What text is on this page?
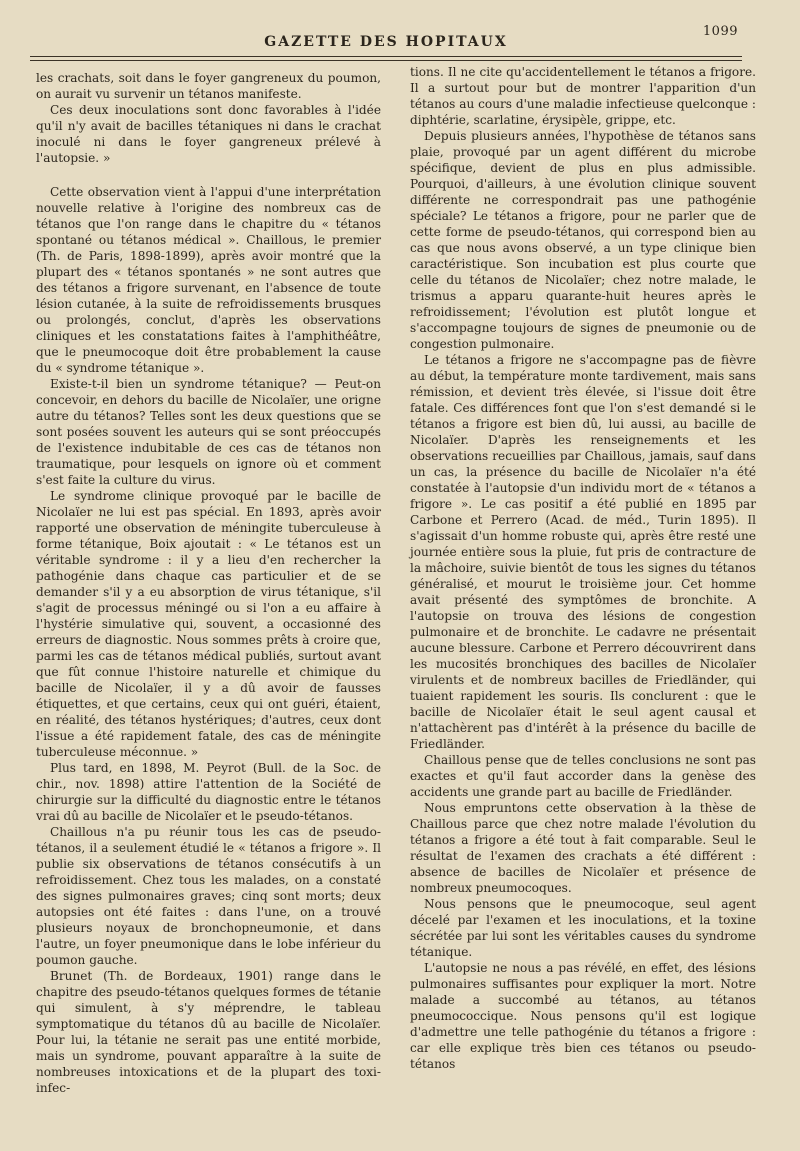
1099
GAZETTE DES HOPITAUX

les crachats, soit dans le foyer gangreneux du poumon, on aurait vu survenir un tétanos manifeste.

Ces deux inoculations sont donc favorables à l'idée qu'il n'y avait de bacilles tétaniques ni dans le crachat inoculé ni dans le foyer gangreneux prélevé à l'autopsie. »

Cette observation vient à l'appui d'une interprétation nouvelle relative à l'origine des nombreux cas de tétanos que l'on range dans le chapitre du « tétanos spontané ou tétanos médical ». Chaillous, le premier (Th. de Paris, 1898-1899), après avoir montré que la plupart des « tétanos spontanés » ne sont autres que des tétanos a frigore survenant, en l'absence de toute lésion cutanée, à la suite de refroidissements brusques ou prolongés, conclut, d'après les observations cliniques et les constatations faites à l'amphithéâtre, que le pneumocoque doit être probablement la cause du « syndrome tétanique ».

Existe-t-il bien un syndrome tétanique? — Peut-on concevoir, en dehors du bacille de Nicolaïer, une origne autre du tétanos? Telles sont les deux questions que se sont posées souvent les auteurs qui se sont préoccupés de l'existence indubitable de ces cas de tétanos non traumatique, pour lesquels on ignore où et comment s'est faite la culture du virus.

Le syndrome clinique provoqué par le bacille de Nicolaïer ne lui est pas spécial. En 1893, après avoir rapporté une observation de méningite tuberculeuse à forme tétanique, Boix ajoutait : « Le tétanos est un véritable syndrome : il y a lieu d'en rechercher la pathogénie dans chaque cas particulier et de se demander s'il y a eu absorption de virus tétanique, s'il s'agit de processus méningé ou si l'on a eu affaire à l'hystérie simulative qui, souvent, a occasionné des erreurs de diagnostic. Nous sommes prêts à croire que, parmi les cas de tétanos médical publiés, surtout avant que fût connue l'histoire naturelle et chimique du bacille de Nicolaïer, il y a dû avoir de fausses étiquettes, et que certains, ceux qui ont guéri, étaient, en réalité, des tétanos hystériques; d'autres, ceux dont l'issue a été rapidement fatale, des cas de méningite tuberculeuse méconnue. »

Plus tard, en 1898, M. Peyrot (Bull. de la Soc. de chir., nov. 1898) attire l'attention de la Société de chirurgie sur la difficulté du diagnostic entre le tétanos vrai dû au bacille de Nicolaïer et le pseudo-tétanos.

Chaillous n'a pu réunir tous les cas de pseudo-tétanos, il a seulement étudié le « tétanos a frigore ». Il publie six observations de tétanos consécutifs à un refroidissement. Chez tous les malades, on a constaté des signes pulmonaires graves; cinq sont morts; deux autopsies ont été faites : dans l'une, on a trouvé plusieurs noyaux de bronchopneumonie, et dans l'autre, un foyer pneumonique dans le lobe inférieur du poumon gauche.

Brunet (Th. de Bordeaux, 1901) range dans le chapitre des pseudo-tétanos quelques formes de tétanie qui simulent, à s'y méprendre, le tableau symptomatique du tétanos dû au bacille de Nicolaïer. Pour lui, la tétanie ne serait pas une entité morbide, mais un syndrome, pouvant apparaître à la suite de nombreuses intoxications et de la plupart des toxi-infec-

tions. Il ne cite qu'accidentellement le tétanos a frigore. Il a surtout pour but de montrer l'apparition d'un tétanos au cours d'une maladie infectieuse quelconque : diphtérie, scarlatine, érysipèle, grippe, etc.

Depuis plusieurs années, l'hypothèse de tétanos sans plaie, provoqué par un agent différent du microbe spécifique, devient de plus en plus admissible. Pourquoi, d'ailleurs, à une évolution clinique souvent différente ne correspondrait pas une pathogénie spéciale? Le tétanos a frigore, pour ne parler que de cette forme de pseudo-tétanos, qui correspond bien au cas que nous avons observé, a un type clinique bien caractéristique. Son incubation est plus courte que celle du tétanos de Nicolaïer; chez notre malade, le trismus a apparu quarante-huit heures après le refroidissement; l'évolution est plutôt longue et s'accompagne toujours de signes de pneumonie ou de congestion pulmonaire.

Le tétanos a frigore ne s'accompagne pas de fièvre au début, la température monte tardivement, mais sans rémission, et devient très élevée, si l'issue doit être fatale. Ces différences font que l'on s'est demandé si le tétanos a frigore est bien dû, lui aussi, au bacille de Nicolaïer. D'après les renseignements et les observations recueillies par Chaillous, jamais, sauf dans un cas, la présence du bacille de Nicolaïer n'a été constatée à l'autopsie d'un individu mort de « tétanos a frigore ». Le cas positif a été publié en 1895 par Carbone et Perrero (Acad. de méd., Turin 1895). Il s'agissait d'un homme robuste qui, après être resté une journée entière sous la pluie, fut pris de contracture de la mâchoire, suivie bientôt de tous les signes du tétanos généralisé, et mourut le troisième jour. Cet homme avait présenté des symptômes de bronchite. A l'autopsie on trouva des lésions de congestion pulmonaire et de bronchite. Le cadavre ne présentait aucune blessure. Carbone et Perrero découvrirent dans les mucosités bronchiques des bacilles de Nicolaïer virulents et de nombreux bacilles de Friedländer, qui tuaient rapidement les souris. Ils conclurent : que le bacille de Nicolaïer était le seul agent causal et n'attachèrent pas d'intérêt à la présence du bacille de Friedländer.

Chaillous pense que de telles conclusions ne sont pas exactes et qu'il faut accorder dans la genèse des accidents une grande part au bacille de Friedländer.

Nous empruntons cette observation à la thèse de Chaillous parce que chez notre malade l'évolution du tétanos a frigore a été tout à fait comparable. Seul le résultat de l'examen des crachats a été différent : absence de bacilles de Nicolaïer et présence de nombreux pneumocoques.

Nous pensons que le pneumocoque, seul agent décelé par l'examen et les inoculations, et la toxine sécrétée par lui sont les véritables causes du syndrome tétanique.

L'autopsie ne nous a pas révélé, en effet, des lésions pulmonaires suffisantes pour expliquer la mort. Notre malade a succombé au tétanos, au tétanos pneumococcique. Nous pensons qu'il est logique d'admettre une telle pathogénie du tétanos a frigore : car elle explique très bien ces tétanos ou pseudo-tétanos
